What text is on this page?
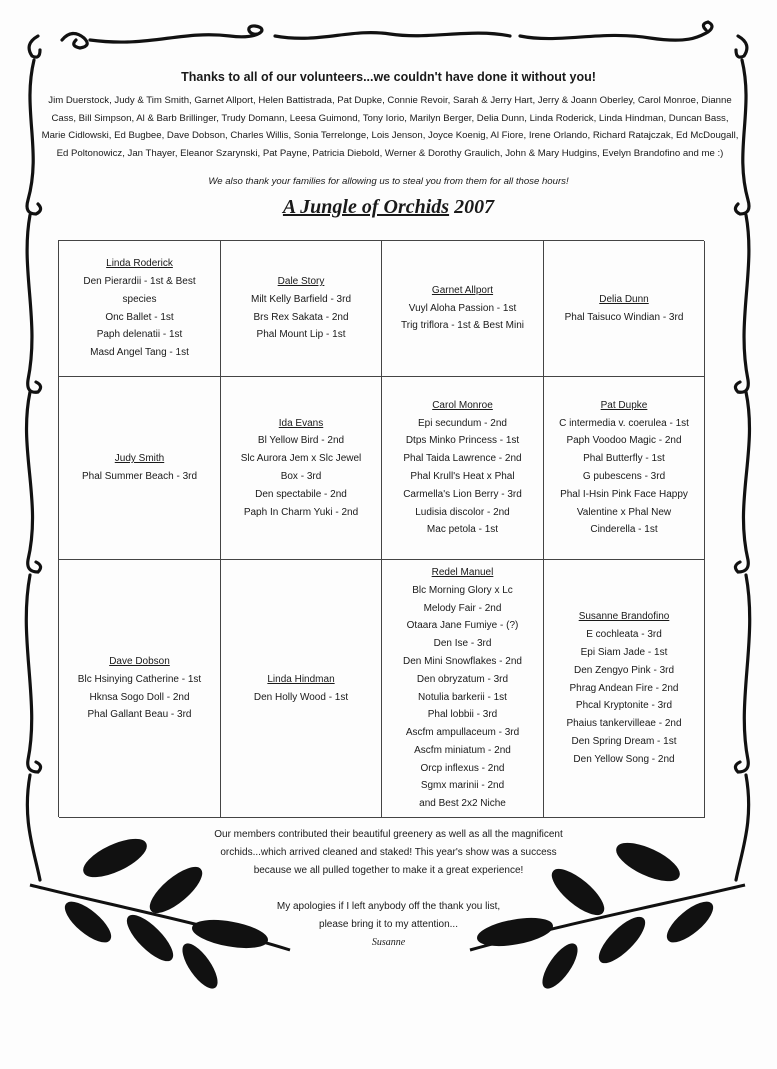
Thanks to all of our volunteers...we couldn't have done it without you!
Jim Duerstock, Judy & Tim Smith, Garnet Allport, Helen Battistrada, Pat Dupke, Connie Revoir, Sarah & Jerry Hart, Jerry & Joann Oberley, Carol Monroe, Dianne Cass, Bill Simpson, Al & Barb Brillinger, Trudy Domann, Leesa Guimond, Tony Iorio, Marilyn Berger, Delia Dunn, Linda Roderick, Linda Hindman, Duncan Bass, Marie Cidlowski, Ed Bugbee, Dave Dobson, Charles Willis, Sonia Terrelonge, Lois Jenson, Joyce Koenig, Al Fiore, Irene Orlando, Richard Ratajczak, Ed McDougall, Ed Poltonowicz, Jan Thayer, Eleanor Szarynski, Pat Payne, Patricia Diebold, Werner & Dorothy Graulich, John & Mary Hudgins, Evelyn Brandofino and me :)
We also thank your families for allowing us to steal you from them for all those hours!
A Jungle of Orchids 2007
Linda Roderick
Den Pierardii - 1st & Best
species
Onc Ballet - 1st
Paph delenatii - 1st
Masd Angel Tang - 1st
Dale Story
Milt Kelly Barfield - 3rd
Brs Rex Sakata - 2nd
Phal Mount Lip - 1st
Garnet Allport
Vuyl Aloha Passion - 1st
Trig triflora - 1st & Best Mini
Delia Dunn
Phal Taisuco Windian - 3rd
Judy Smith
Phal Summer Beach - 3rd
Ida Evans
Bl Yellow Bird - 2nd
Slc Aurora Jem x Slc Jewel
Box - 3rd
Den spectabile - 2nd
Paph In Charm Yuki - 2nd
Carol Monroe
Epi secundum - 2nd
Dtps Minko Princess - 1st
Phal Taida Lawrence - 2nd
Phal Krull's Heat x Phal
Carmella's Lion Berry - 3rd
Ludisia discolor - 2nd
Mac petola - 1st
Pat Dupke
C intermedia v. coerulea - 1st
Paph Voodoo Magic - 2nd
Phal Butterfly - 1st
G pubescens - 3rd
Phal I-Hsin Pink Face Happy
Valentine x Phal New
Cinderella - 1st
Dave Dobson
Blc Hsinying Catherine - 1st
Hknsa Sogo Doll - 2nd
Phal Gallant Beau - 3rd
Linda Hindman
Den Holly Wood - 1st
Redel Manuel
Blc Morning Glory x Lc
Melody Fair - 2nd
Otaara Jane Fumiye - (?)
Den Ise - 3rd
Den Mini Snowflakes - 2nd
Den obryzatum - 3rd
Notulia barkerii - 1st
Phal lobbii - 3rd
Ascfm ampullaceum - 3rd
Ascfm miniatum - 2nd
Orcp inflexus - 2nd
Sgmx marinii - 2nd
and Best 2x2 Niche
Susanne Brandofino
E cochleata - 3rd
Epi Siam Jade - 1st
Den Zengyo Pink - 3rd
Phrag Andean Fire - 2nd
Phcal Kryptonite - 3rd
Phaius tankervilleae - 2nd
Den Spring Dream - 1st
Den Yellow Song - 2nd
Our members contributed their beautiful greenery as well as all the magnificent
orchids...which arrived cleaned and staked! This year's show was a success
because we all pulled together to make it a great experience!
My apologies if I left anybody off the thank you list,
please bring it to my attention...
Susanne
